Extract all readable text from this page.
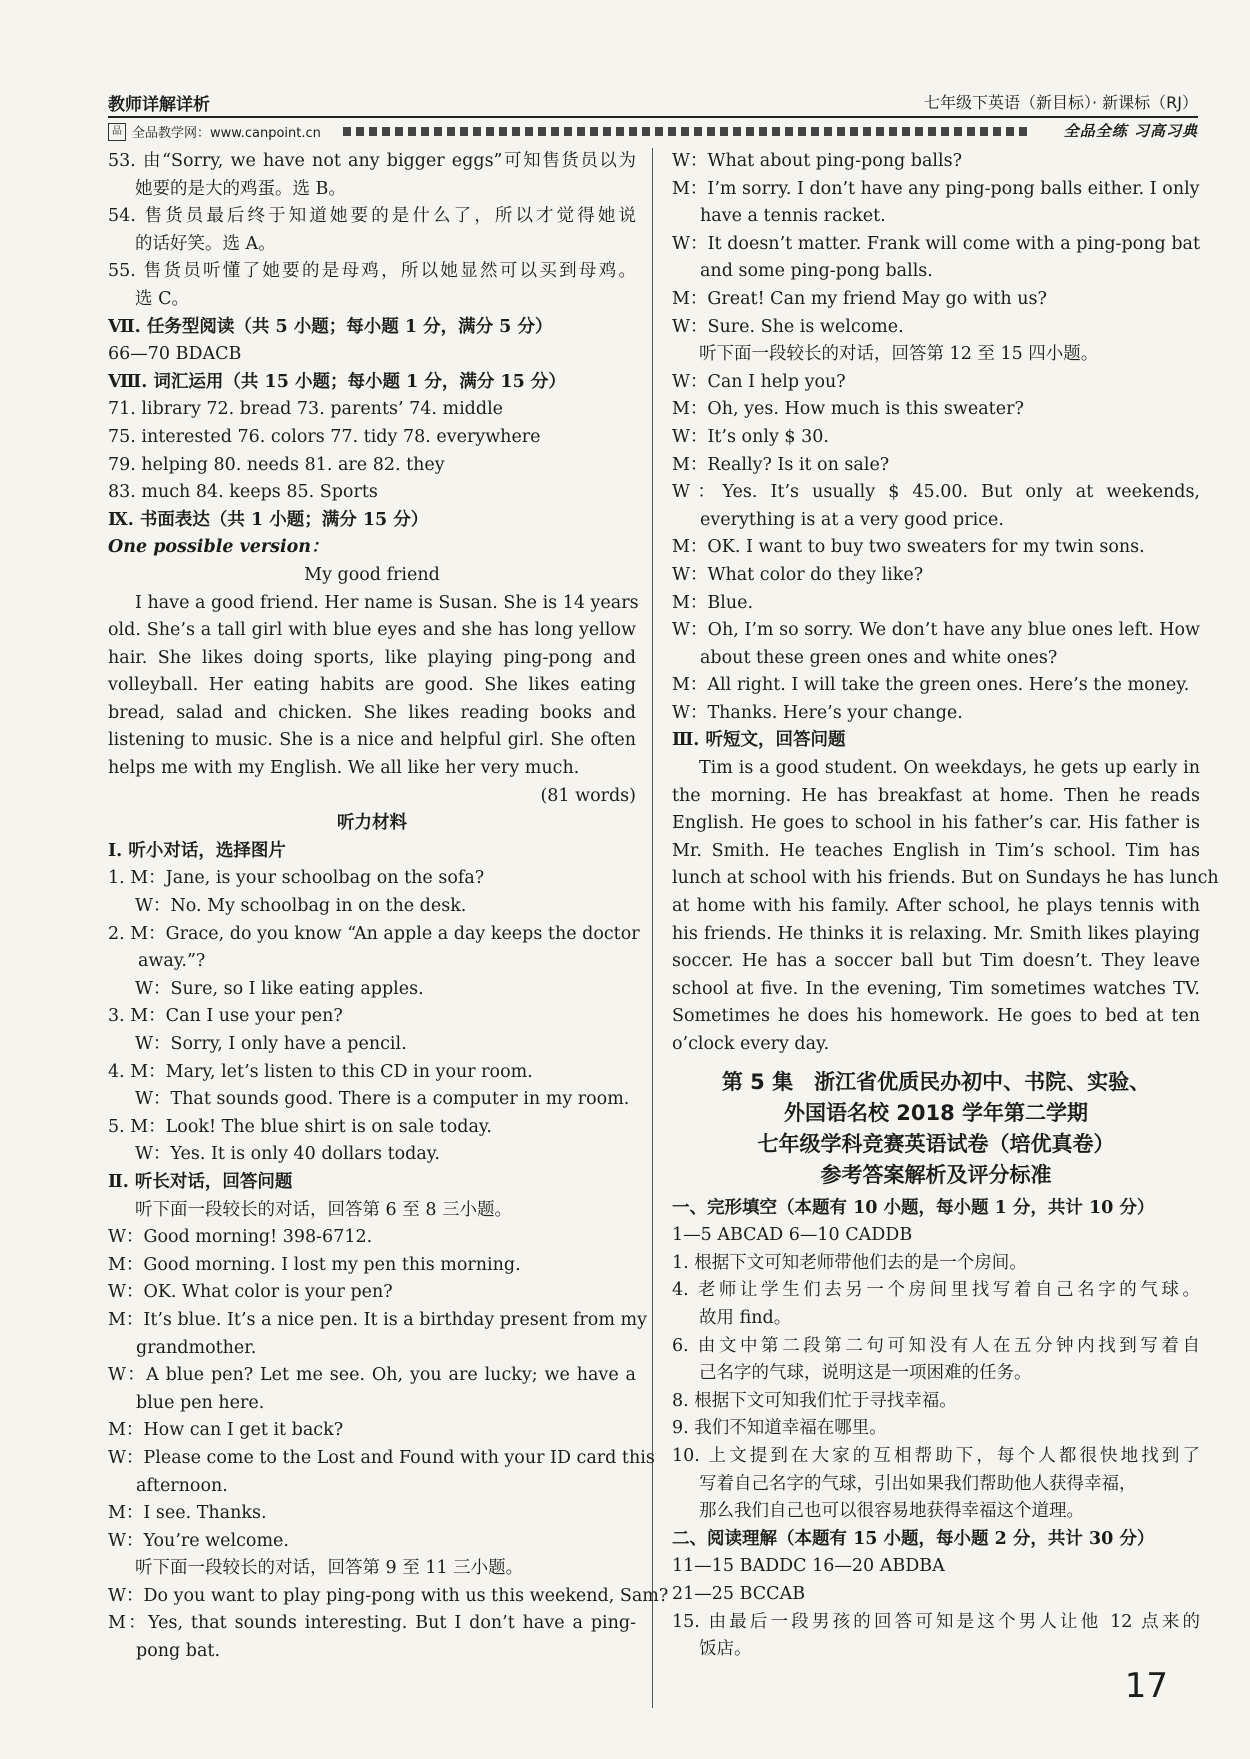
教师详解详析	七年级下英语（新目标）· 新课标（RJ）
品 全品教学网：www.canpoint.cn	全品全练 习高习典
53. 由“Sorry, we have not any bigger eggs”可知售货员以为
她要的是大的鸡蛋。选 B。
54. 售货员最后终于知道她要的是什么了，所以才觉得她说
的话好笑。选 A。
55. 售货员听懂了她要的是母鸡，所以她显然可以买到母鸡。
选 C。
Ⅶ. 任务型阅读（共 5 小题；每小题 1 分，满分 5 分）
66—70 BDACB
Ⅷ. 词汇运用（共 15 小题；每小题 1 分，满分 15 分）
71. library 72. bread 73. parents’ 74. middle
75. interested 76. colors 77. tidy 78. everywhere
79. helping 80. needs 81. are 82. they
83. much 84. keeps 85. Sports
Ⅸ. 书面表达（共 1 小题；满分 15 分）
One possible version：
My good friend
I have a good friend. Her name is Susan. She is 14 years
old. She’s a tall girl with blue eyes and she has long yellow
hair. She likes doing sports, like playing ping-pong and
volleyball. Her eating habits are good. She likes eating
bread, salad and chicken. She likes reading books and
listening to music. She is a nice and helpful girl. She often
helps me with my English. We all like her very much.
(81 words)
听力材料
Ⅰ. 听小对话，选择图片
1. M：Jane, is your schoolbag on the sofa?
W：No. My schoolbag in on the desk.
2. M：Grace, do you know “An apple a day keeps the doctor
away.”?
W：Sure, so I like eating apples.
3. M：Can I use your pen?
W：Sorry, I only have a pencil.
4. M：Mary, let’s listen to this CD in your room.
W：That sounds good. There is a computer in my room.
5. M：Look! The blue shirt is on sale today.
W：Yes. It is only 40 dollars today.
Ⅱ. 听长对话，回答问题
听下面一段较长的对话，回答第 6 至 8 三小题。
W：Good morning! 398-6712.
M：Good morning. I lost my pen this morning.
W：OK. What color is your pen?
M：It’s blue. It’s a nice pen. It is a birthday present from my
grandmother.
W：A blue pen? Let me see. Oh, you are lucky; we have a
blue pen here.
M：How can I get it back?
W：Please come to the Lost and Found with your ID card this
afternoon.
M：I see. Thanks.
W：You’re welcome.
听下面一段较长的对话，回答第 9 至 11 三小题。
W：Do you want to play ping-pong with us this weekend, Sam?
M：Yes, that sounds interesting. But I don’t have a ping-
pong bat.
W：What about ping-pong balls?
M：I’m sorry. I don’t have any ping-pong balls either. I only
have a tennis racket.
W：It doesn’t matter. Frank will come with a ping-pong bat
and some ping-pong balls.
M：Great! Can my friend May go with us?
W：Sure. She is welcome.
听下面一段较长的对话，回答第 12 至 15 四小题。
W：Can I help you?
M：Oh, yes. How much is this sweater?
W：It’s only $ 30.
M：Really? Is it on sale?
W：Yes. It’s usually $ 45.00. But only at weekends,
everything is at a very good price.
M：OK. I want to buy two sweaters for my twin sons.
W：What color do they like?
M：Blue.
W：Oh, I’m so sorry. We don’t have any blue ones left. How
about these green ones and white ones?
M：All right. I will take the green ones. Here’s the money.
W：Thanks. Here’s your change.
Ⅲ. 听短文，回答问题
Tim is a good student. On weekdays, he gets up early in
the morning. He has breakfast at home. Then he reads
English. He goes to school in his father’s car. His father is
Mr. Smith. He teaches English in Tim’s school. Tim has
lunch at school with his friends. But on Sundays he has lunch
at home with his family. After school, he plays tennis with
his friends. He thinks it is relaxing. Mr. Smith likes playing
soccer. He has a soccer ball but Tim doesn’t. They leave
school at five. In the evening, Tim sometimes watches TV.
Sometimes he does his homework. He goes to bed at ten
o’clock every day.
第 5 集　浙江省优质民办初中、书院、实验、
外国语名校 2018 学年第二学期
七年级学科竞赛英语试卷（培优真卷）
参考答案解析及评分标准
一、完形填空（本题有 10 小题，每小题 1 分，共计 10 分）
1—5 ABCAD 6—10 CADDB
1. 根据下文可知老师带他们去的是一个房间。
4. 老师让学生们去另一个房间里找写着自己名字的气球。
故用 find。
6. 由文中第二段第二句可知没有人在五分钟内找到写着自
己名字的气球，说明这是一项困难的任务。
8. 根据下文可知我们忙于寻找幸福。
9. 我们不知道幸福在哪里。
10. 上文提到在大家的互相帮助下，每个人都很快地找到了
写着自己名字的气球，引出如果我们帮助他人获得幸福，
那么我们自己也可以很容易地获得幸福这个道理。
二、阅读理解（本题有 15 小题，每小题 2 分，共计 30 分）
11—15 BADDC 16—20 ABDBA
21—25 BCCAB
15. 由最后一段男孩的回答可知是这个男人让他 12 点来的
饭店。
17
